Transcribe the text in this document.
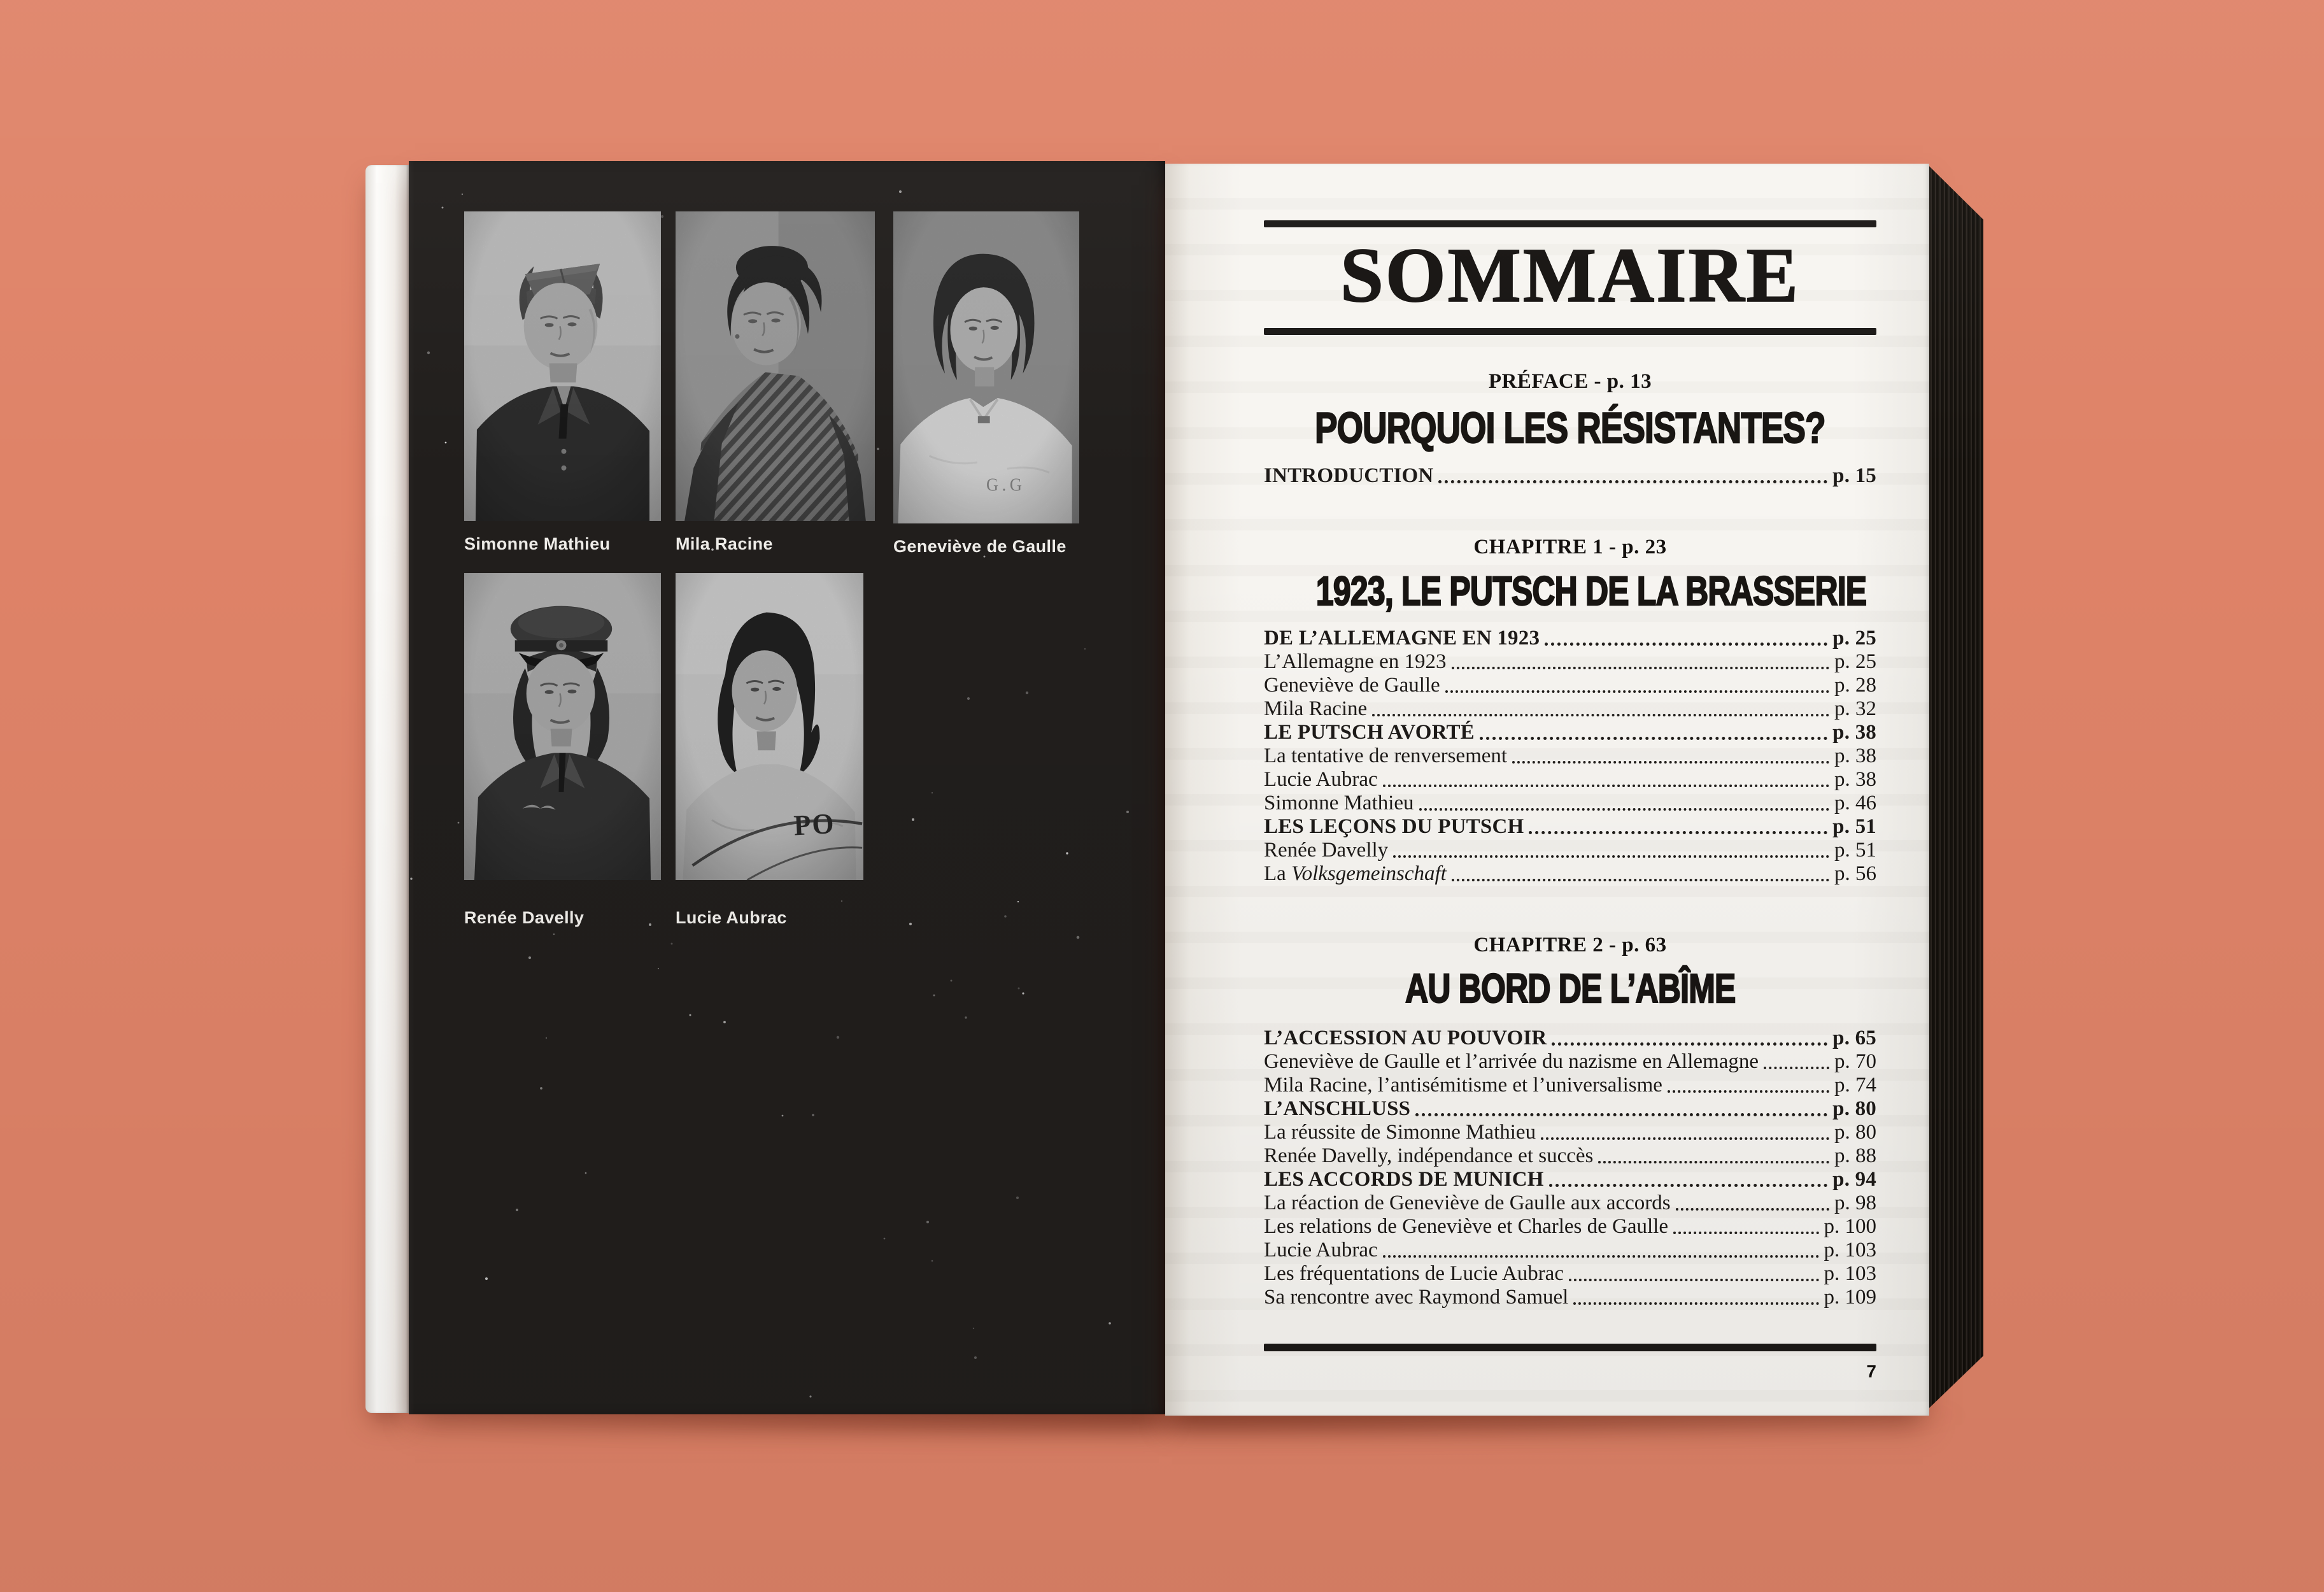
Simonne Mathieu	Mila Racine	Geneviève de Gaulle
Renée Davelly	Lucie Aubrac
SOMMAIRE
PRÉFACE - p. 13
POURQUOI LES RÉSISTANTES?
INTRODUCTION	p. 15
CHAPITRE 1 - p. 23
1923, LE PUTSCH DE LA BRASSERIE
DE L’ALLEMAGNE EN 1923	p. 25
L’Allemagne en 1923	p. 25
Geneviève de Gaulle	p. 28
Mila Racine	p. 32
LE PUTSCH AVORTÉ	p. 38
La tentative de renversement	p. 38
Lucie Aubrac	p. 38
Simonne Mathieu	p. 46
LES LEÇONS DU PUTSCH	p. 51
Renée Davelly	p. 51
La Volksgemeinschaft	p. 56
CHAPITRE 2 - p. 63
AU BORD DE L’ABÎME
L’ACCESSION AU POUVOIR	p. 65
Geneviève de Gaulle et l’arrivée du nazisme en Allemagne	p. 70
Mila Racine, l’antisémitisme et l’universalisme	p. 74
L’ANSCHLUSS	p. 80
La réussite de Simonne Mathieu	p. 80
Renée Davelly, indépendance et succès	p. 88
LES ACCORDS DE MUNICH	p. 94
La réaction de Geneviève de Gaulle aux accords	p. 98
Les relations de Geneviève et Charles de Gaulle	p. 100
Lucie Aubrac	p. 103
Les fréquentations de Lucie Aubrac	p. 103
Sa rencontre avec Raymond Samuel	p. 109
7
